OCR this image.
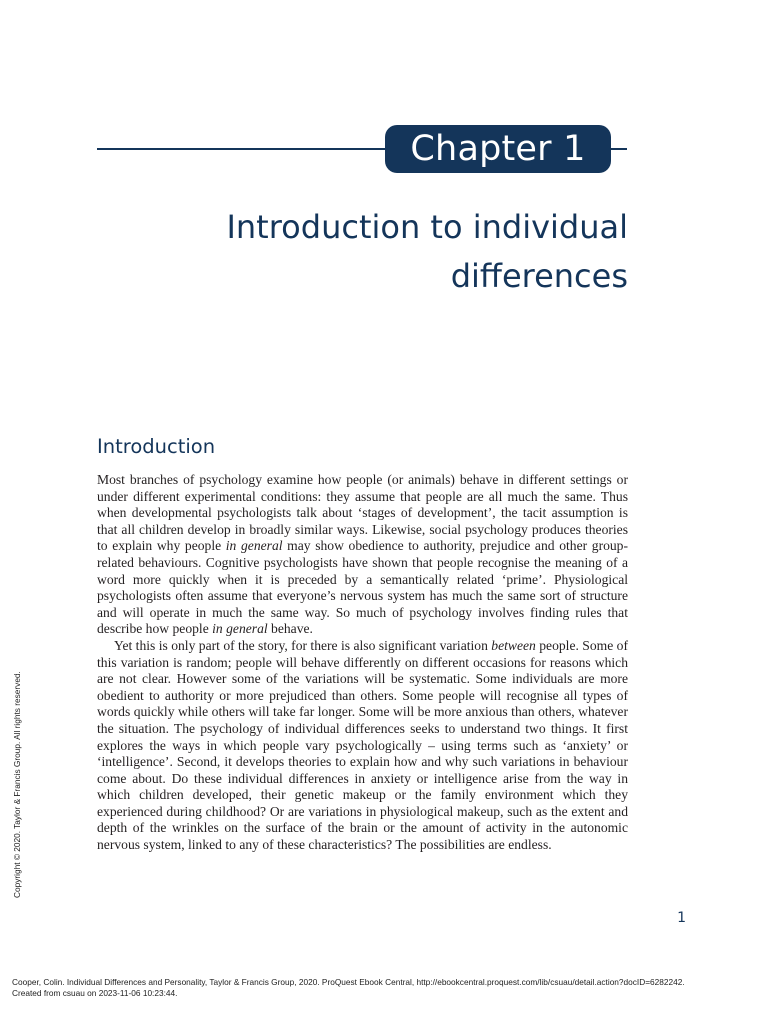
Chapter 1
Introduction to individual
differences
Introduction

Most branches of psychology examine how people (or animals) behave in different settings or under different experimental conditions: they assume that people are all much the same. Thus when developmental psychologists talk about ‘stages of development’, the tacit assumption is that all children develop in broadly similar ways. Likewise, social psychology produces theories to explain why people in general may show obedience to authority, prejudice and other group-related behaviours. Cognitive psychologists have shown that people recognise the meaning of a word more quickly when it is preceded by a semantically related ‘prime’. Physiological psychologists often assume that everyone’s nervous system has much the same sort of structure and will operate in much the same way. So much of psychology involves finding rules that describe how people in general behave.

Yet this is only part of the story, for there is also significant variation between people. Some of this variation is random; people will behave differently on different occasions for reasons which are not clear. However some of the variations will be systematic. Some individuals are more obedient to authority or more prejudiced than others. Some people will recognise all types of words quickly while others will take far longer. Some will be more anxious than others, whatever the situation. The psychology of individual differences seeks to understand two things. It first explores the ways in which people vary psychologically – using terms such as ‘anxiety’ or ‘intelligence’. Second, it develops theories to explain how and why such variations in behaviour come about. Do these individual differences in anxiety or intelligence arise from the way in which children developed, their genetic makeup or the family environment which they experienced during childhood? Or are variations in physiological makeup, such as the extent and depth of the wrinkles on the surface of the brain or the amount of activity in the autonomic nervous system, linked to any of these characteristics? The possibilities are endless.

1
Copyright © 2020. Taylor & Francis Group. All rights reserved.
Cooper, Colin. Individual Differences and Personality, Taylor & Francis Group, 2020. ProQuest Ebook Central, http://ebookcentral.proquest.com/lib/csuau/detail.action?docID=6282242.
Created from csuau on 2023-11-06 10:23:44.
